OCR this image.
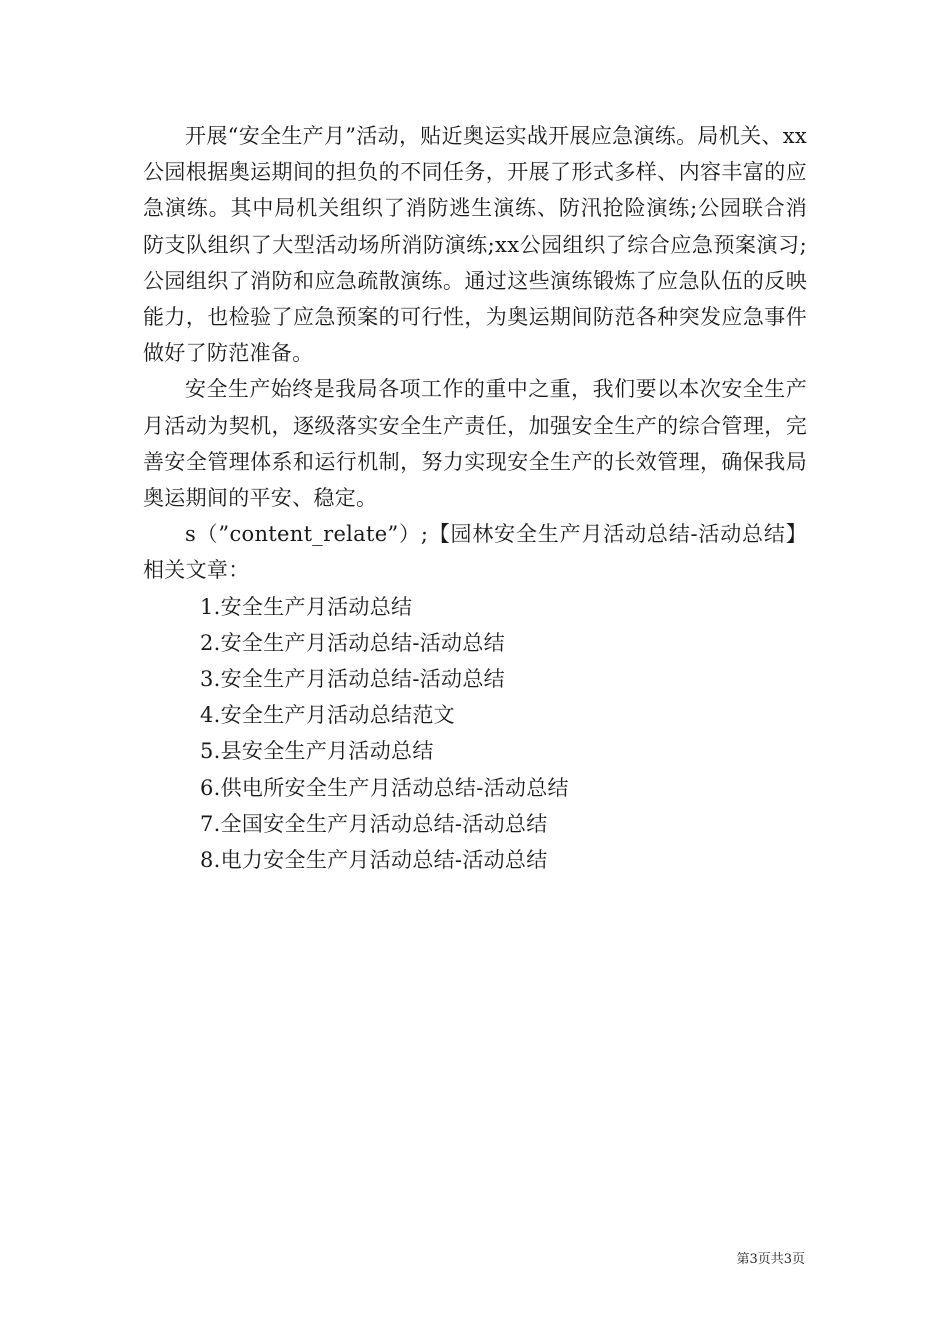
开展“安全生产月”活动，贴近奥运实战开展应急演练。局机关、xx公园根据奥运期间的担负的不同任务，开展了形式多样、内容丰富的应急演练。其中局机关组织了消防逃生演练、防汛抢险演练;公园联合消防支队组织了大型活动场所消防演练;xx公园组织了综合应急预案演习;公园组织了消防和应急疏散演练。通过这些演练锻炼了应急队伍的反映能力，也检验了应急预案的可行性，为奥运期间防范各种突发应急事件做好了防范准备。

安全生产始终是我局各项工作的重中之重，我们要以本次安全生产月活动为契机，逐级落实安全生产责任，加强安全生产的综合管理，完善安全管理体系和运行机制，努力实现安全生产的长效管理，确保我局奥运期间的平安、稳定。

s（”content_relate”）;【园林安全生产月活动总结-活动总结】相关文章：

1.安全生产月活动总结
2.安全生产月活动总结-活动总结
3.安全生产月活动总结-活动总结
4.安全生产月活动总结范文
5.县安全生产月活动总结
6.供电所安全生产月活动总结-活动总结
7.全国安全生产月活动总结-活动总结
8.电力安全生产月活动总结-活动总结
第3页共3页
